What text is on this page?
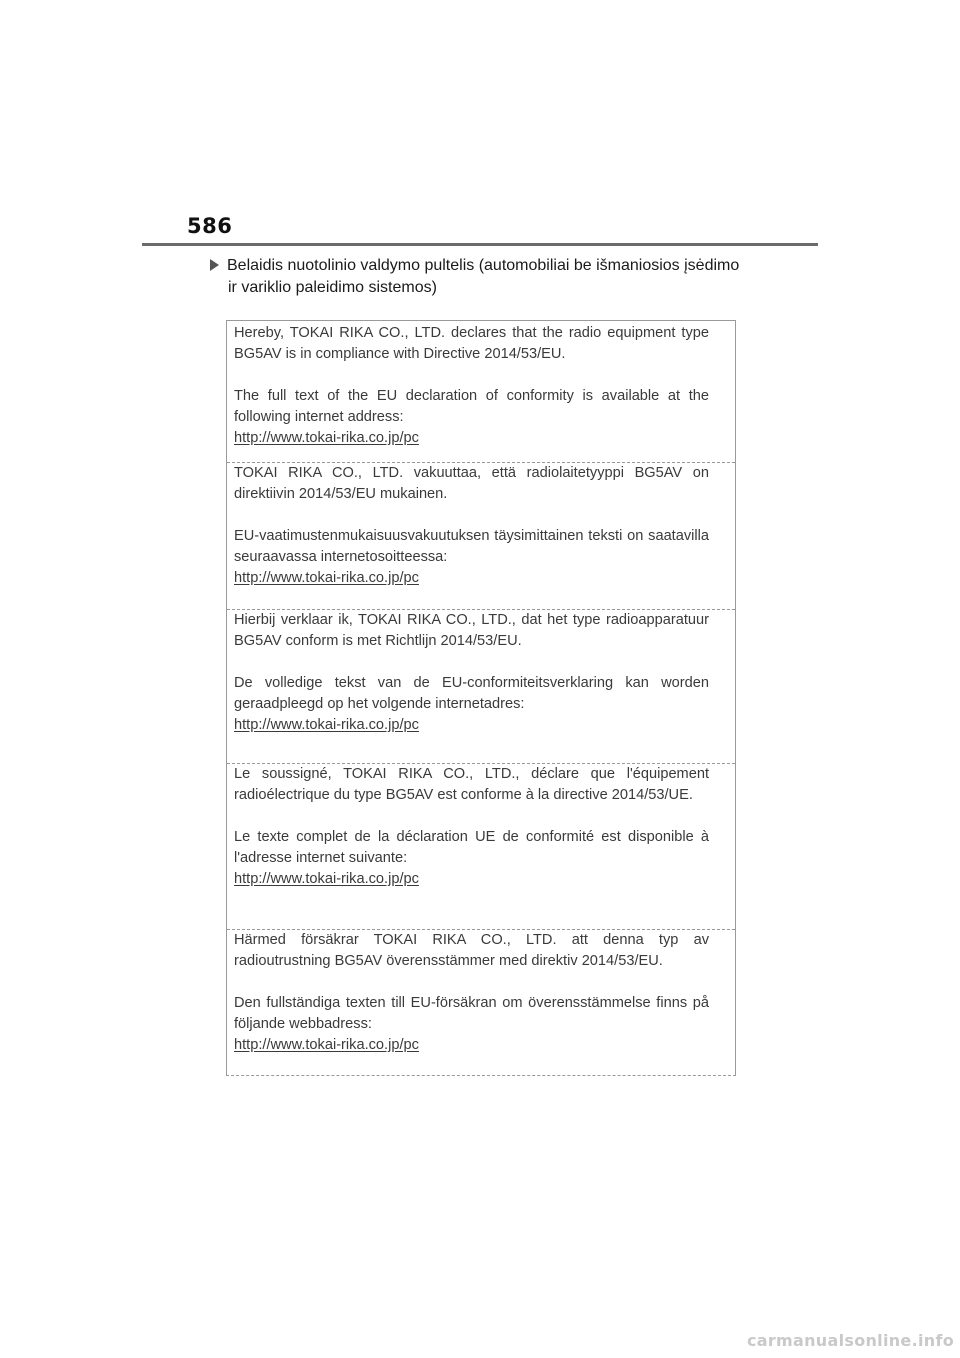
586
Belaidis nuotolinio valdymo pultelis (automobiliai be išmaniosios įsėdimo
ir variklio paleidimo sistemos)

Hereby, TOKAI RIKA CO., LTD. declares that the radio equipment type BG5AV is in compliance with Directive 2014/53/EU.

The full text of the EU declaration of conformity is available at the following internet address:

http://www.tokai-rika.co.jp/pc

TOKAI RIKA CO., LTD. vakuuttaa, että radiolaitetyyppi BG5AV on direktiivin 2014/53/EU mukainen.

EU-vaatimustenmukaisuusvakuutuksen täysimittainen teksti on saatavilla seuraavassa internetosoitteessa:

http://www.tokai-rika.co.jp/pc

Hierbij verklaar ik, TOKAI RIKA CO., LTD., dat het type radioapparatuur BG5AV conform is met Richtlijn 2014/53/EU.

De volledige tekst van de EU-conformiteitsverklaring kan worden geraadpleegd op het volgende internetadres:

http://www.tokai-rika.co.jp/pc

Le soussigné, TOKAI RIKA CO., LTD., déclare que l'équipement radioélectrique du type BG5AV est conforme à la directive 2014/53/UE.

Le texte complet de la déclaration UE de conformité est disponible à l'adresse internet suivante:

http://www.tokai-rika.co.jp/pc

Härmed försäkrar TOKAI RIKA CO., LTD. att denna typ av radioutrustning BG5AV överensstämmer med direktiv 2014/53/EU.

Den fullständiga texten till EU-försäkran om överensstämmelse finns på följande webbadress:

http://www.tokai-rika.co.jp/pc
carmanualsonline.info
